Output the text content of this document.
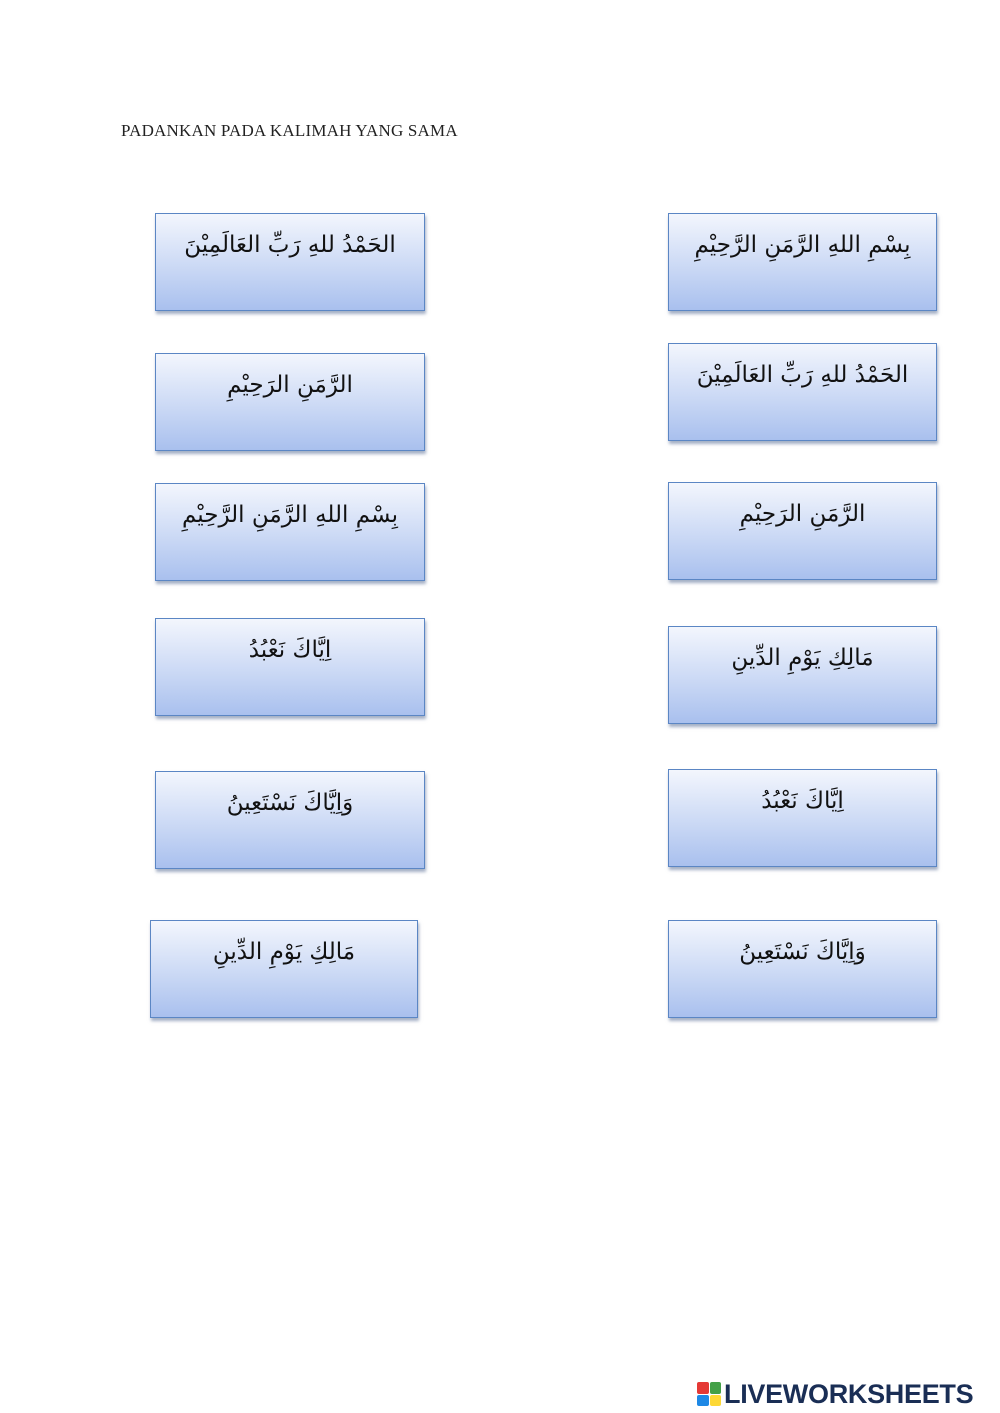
PADANKAN PADA KALIMAH YANG SAMA
الحَمْدُ للهِ رَبِّ العَالَمِيْنَ
الرَّمَنِ الرَحِيْمِ
بِسْمِ اللهِ الرَّمَنِ الرَّحِيْمِ
اِيَّاكَ نَعْبُدُ
وَاِيَّاكَ نَسْتَعِينُ
مَالِكِ يَوْمِ الدِّينِ
بِسْمِ اللهِ الرَّمَنِ الرَّحِيْمِ
الحَمْدُ للهِ رَبِّ العَالَمِيْنَ
الرَّمَنِ الرَحِيْمِ
مَالِكِ يَوْمِ الدِّينِ
اِيَّاكَ نَعْبُدُ
وَاِيَّاكَ نَسْتَعِينُ
LIVEWORKSHEETS
